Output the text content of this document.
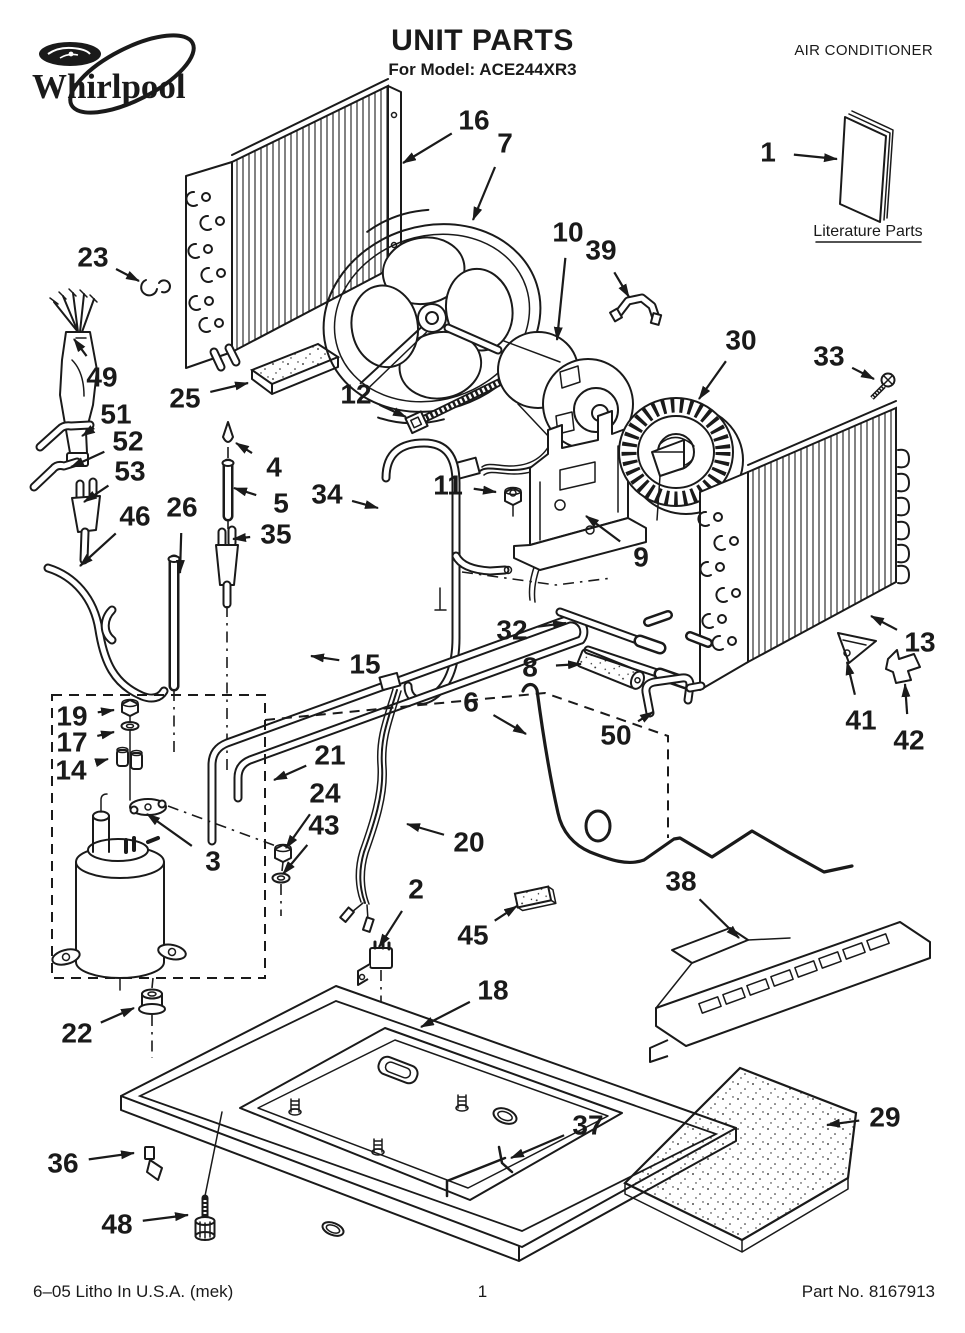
Whirlpool
UNIT PARTS
For Model: ACE244XR3
AIR CONDITIONER
Literature Parts
1
16
7
23
10
39
30
33
49
25	12
51
52
53	4
5 34	11
46 26
35
9
32
8
15
13
19
17
14
6
50	41
42
21
24
43
3
20
2
45
38
18
22
29
37
36
48
6–05 Litho In U.S.A. (mek)	1	Part No. 8167913
